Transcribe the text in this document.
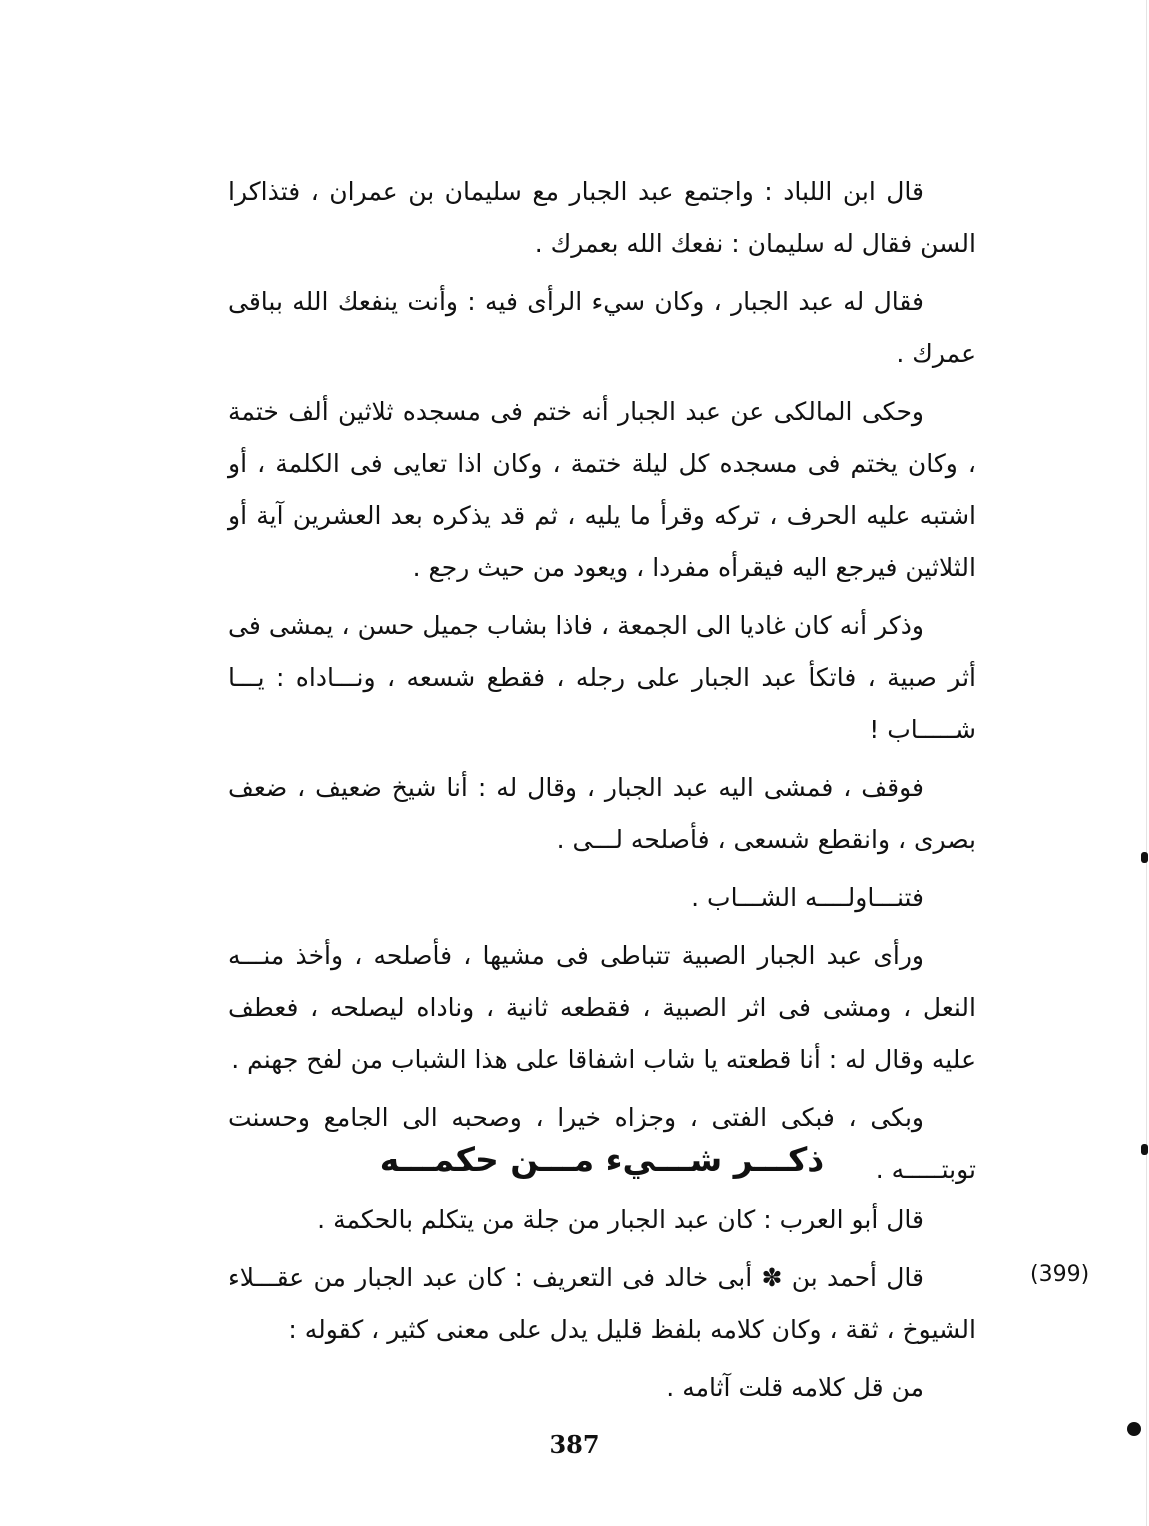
قال ابن اللباد : واجتمع عبد الجبار مع سليمان بن عمران ، فتذاكرا السن فقال له سليمان : نفعك الله بعمرك .

فقال له عبد الجبار ، وكان سيء الرأى فيه : وأنت ينفعك الله بباقى عمرك .

وحكى المالكى عن عبد الجبار أنه ختم فى مسجده ثلاثين ألف ختمة ، وكان يختم فى مسجده كل ليلة ختمة ، وكان اذا تعايى فى الكلمة ، أو اشتبه عليه الحرف ، تركه وقرأ ما يليه ، ثم قد يذكره بعد العشرين آية أو الثلاثين فيرجع اليه فيقرأه مفردا ، ويعود من حيث رجع .

وذكر أنه كان غاديا الى الجمعة ، فاذا بشاب جميل حسن ، يمشى فى أثر صبية ، فاتكأ عبد الجبار على رجله ، فقطع شسعه ، ونـــاداه : يـــا شـــــاب !

فوقف ، فمشى اليه عبد الجبار ، وقال له : أنا شيخ ضعيف ، ضعف بصرى ، وانقطع شسعى ، فأصلحه لـــى .

فتنـــاولــــه الشـــاب .

ورأى عبد الجبار الصبية تتباطى فى مشيها ، فأصلحه ، وأخذ منـــه النعل ، ومشى فى اثر الصبية ، فقطعه ثانية ، وناداه ليصلحه ، فعطف عليه وقال له : أنا قطعته يا شاب اشفاقا على هذا الشباب من لفح جهنم .

وبكى ، فبكى الفتى ، وجزاه خيرا ، وصحبه الى الجامع وحسنت توبتـــــه .

ذكـــر شـــيء مـــن حكمـــه

قال أبو العرب : كان عبد الجبار من جلة من يتكلم بالحكمة .

قال أحمد بن ✽ أبى خالد فى التعريف : كان عبد الجبار من عقـــلاء الشيوخ ، ثقة ، وكان كلامه بلفظ قليل يدل على معنى كثير ، كقوله :

من قل كلامه قلت آثامه .

(399)
387
